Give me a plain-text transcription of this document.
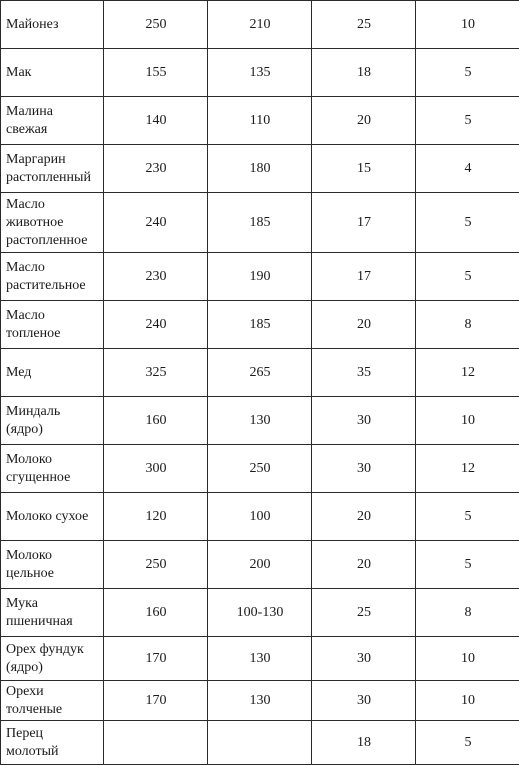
Майонез	250	210	25	10
Мак	155	135	18	5
Малина
свежая	140	110	20	5
Маргарин
растопленный	230	180	15	4
Масло
животное
растопленное	240	185	17	5
Масло
растительное	230	190	17	5
Масло
топленое	240	185	20	8
Мед	325	265	35	12
Миндаль
(ядро)	160	130	30	10
Молоко
сгущенное	300	250	30	12
Молоко сухое	120	100	20	5
Молоко
цельное	250	200	20	5
Мука
пшеничная	160	100-130	25	8
Орех фундук
(ядро)	170	130	30	10
Орехи
толченые	170	130	30	10
Перец
молотый			18	5
